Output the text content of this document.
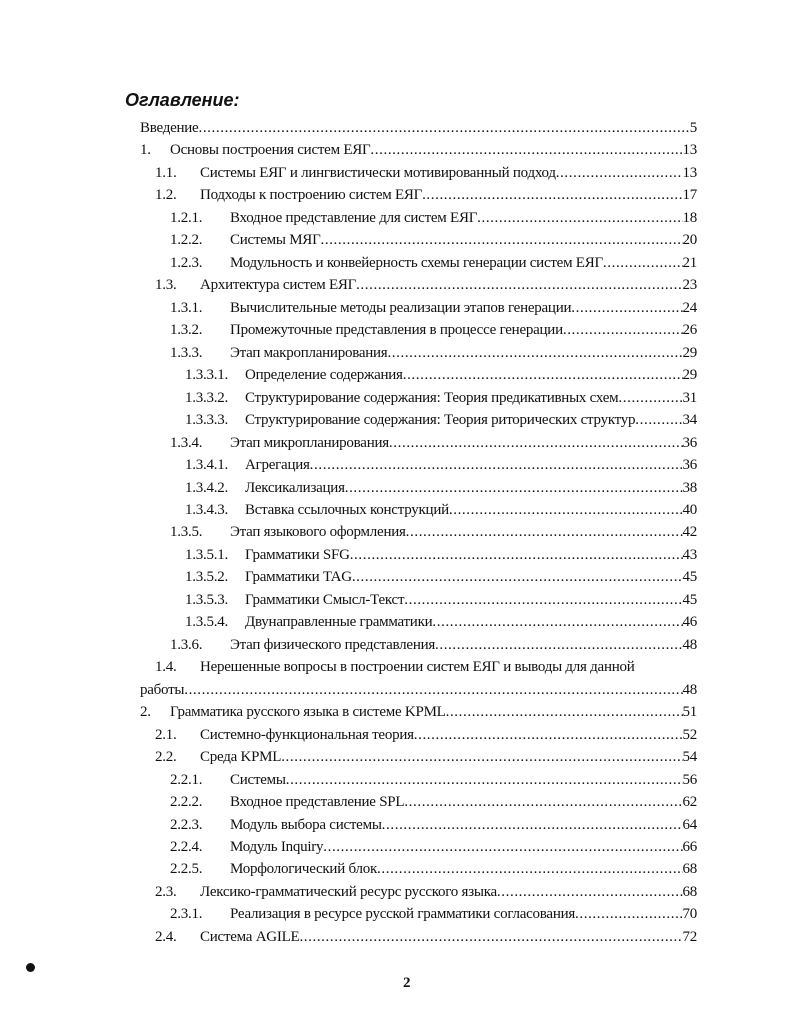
Оглавление:
Введение .....	5
1. Основы построения систем ЕЯГ .....	13
1.1. Системы ЕЯГ и лингвистически мотивированный подход .....	13
1.2. Подходы к построению систем ЕЯГ .....	17
1.2.1. Входное представление для систем ЕЯГ .....	18
1.2.2. Системы МЯГ .....	20
1.2.3. Модульность и конвейерность схемы генерации систем ЕЯГ .....	21
1.3. Архитектура систем ЕЯГ .....	23
1.3.1. Вычислительные методы реализации этапов генерации .....	24
1.3.2. Промежуточные представления в процессе генерации .....	26
1.3.3. Этап макропланирования .....	29
1.3.3.1. Определение содержания .....	29
1.3.3.2. Структурирование содержания: Теория предикативных схем .....	31
1.3.3.3. Структурирование содержания: Теория риторических структур .....	34
1.3.4. Этап микропланирования .....	36
1.3.4.1. Агрегация .....	36
1.3.4.2. Лексикализация .....	38
1.3.4.3. Вставка ссылочных конструкций .....	40
1.3.5. Этап языкового оформления .....	42
1.3.5.1. Грамматики SFG .....	43
1.3.5.2. Грамматики TAG .....	45
1.3.5.3. Грамматики Смысл-Текст .....	45
1.3.5.4. Двунаправленные грамматики .....	46
1.3.6. Этап физического представления .....	48
1.4. Нерешенные вопросы в построении систем ЕЯГ и выводы для данной
работы .....	48
2. Грамматика русского языка в системе KPML .....	51
2.1. Системно-функциональная теория .....	52
2.2. Среда KPML .....	54
2.2.1. Системы .....	56
2.2.2. Входное представление SPL .....	62
2.2.3. Модуль выбора системы .....	64
2.2.4. Модуль Inquiry .....	66
2.2.5. Морфологический блок .....	68
2.3. Лексико-грамматический ресурс русского языка .....	68
2.3.1. Реализация в ресурсе русской грамматики согласования .....	70
2.4. Система AGILE .....	72
2
